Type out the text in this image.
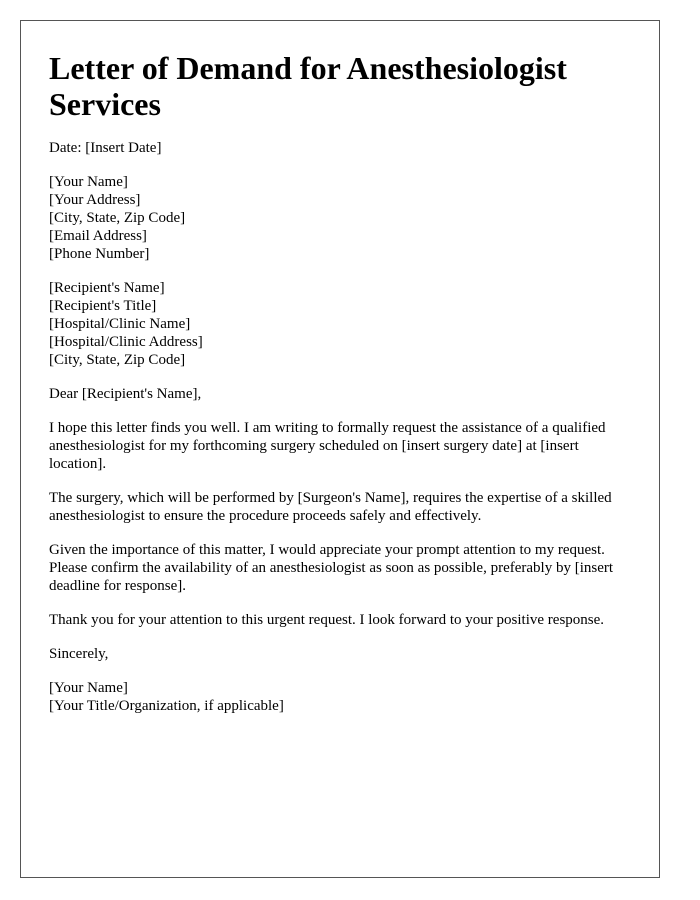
Letter of Demand for Anesthesiologist Services
Date: [Insert Date]
[Your Name]
[Your Address]
[City, State, Zip Code]
[Email Address]
[Phone Number]
[Recipient's Name]
[Recipient's Title]
[Hospital/Clinic Name]
[Hospital/Clinic Address]
[City, State, Zip Code]
Dear [Recipient's Name],

I hope this letter finds you well. I am writing to formally request the assistance of a qualified anesthesiologist for my forthcoming surgery scheduled on [insert surgery date] at [insert location].

The surgery, which will be performed by [Surgeon's Name], requires the expertise of a skilled anesthesiologist to ensure the procedure proceeds safely and effectively.

Given the importance of this matter, I would appreciate your prompt attention to my request. Please confirm the availability of an anesthesiologist as soon as possible, preferably by [insert deadline for response].

Thank you for your attention to this urgent request. I look forward to your positive response.

Sincerely,
[Your Name]
[Your Title/Organization, if applicable]
